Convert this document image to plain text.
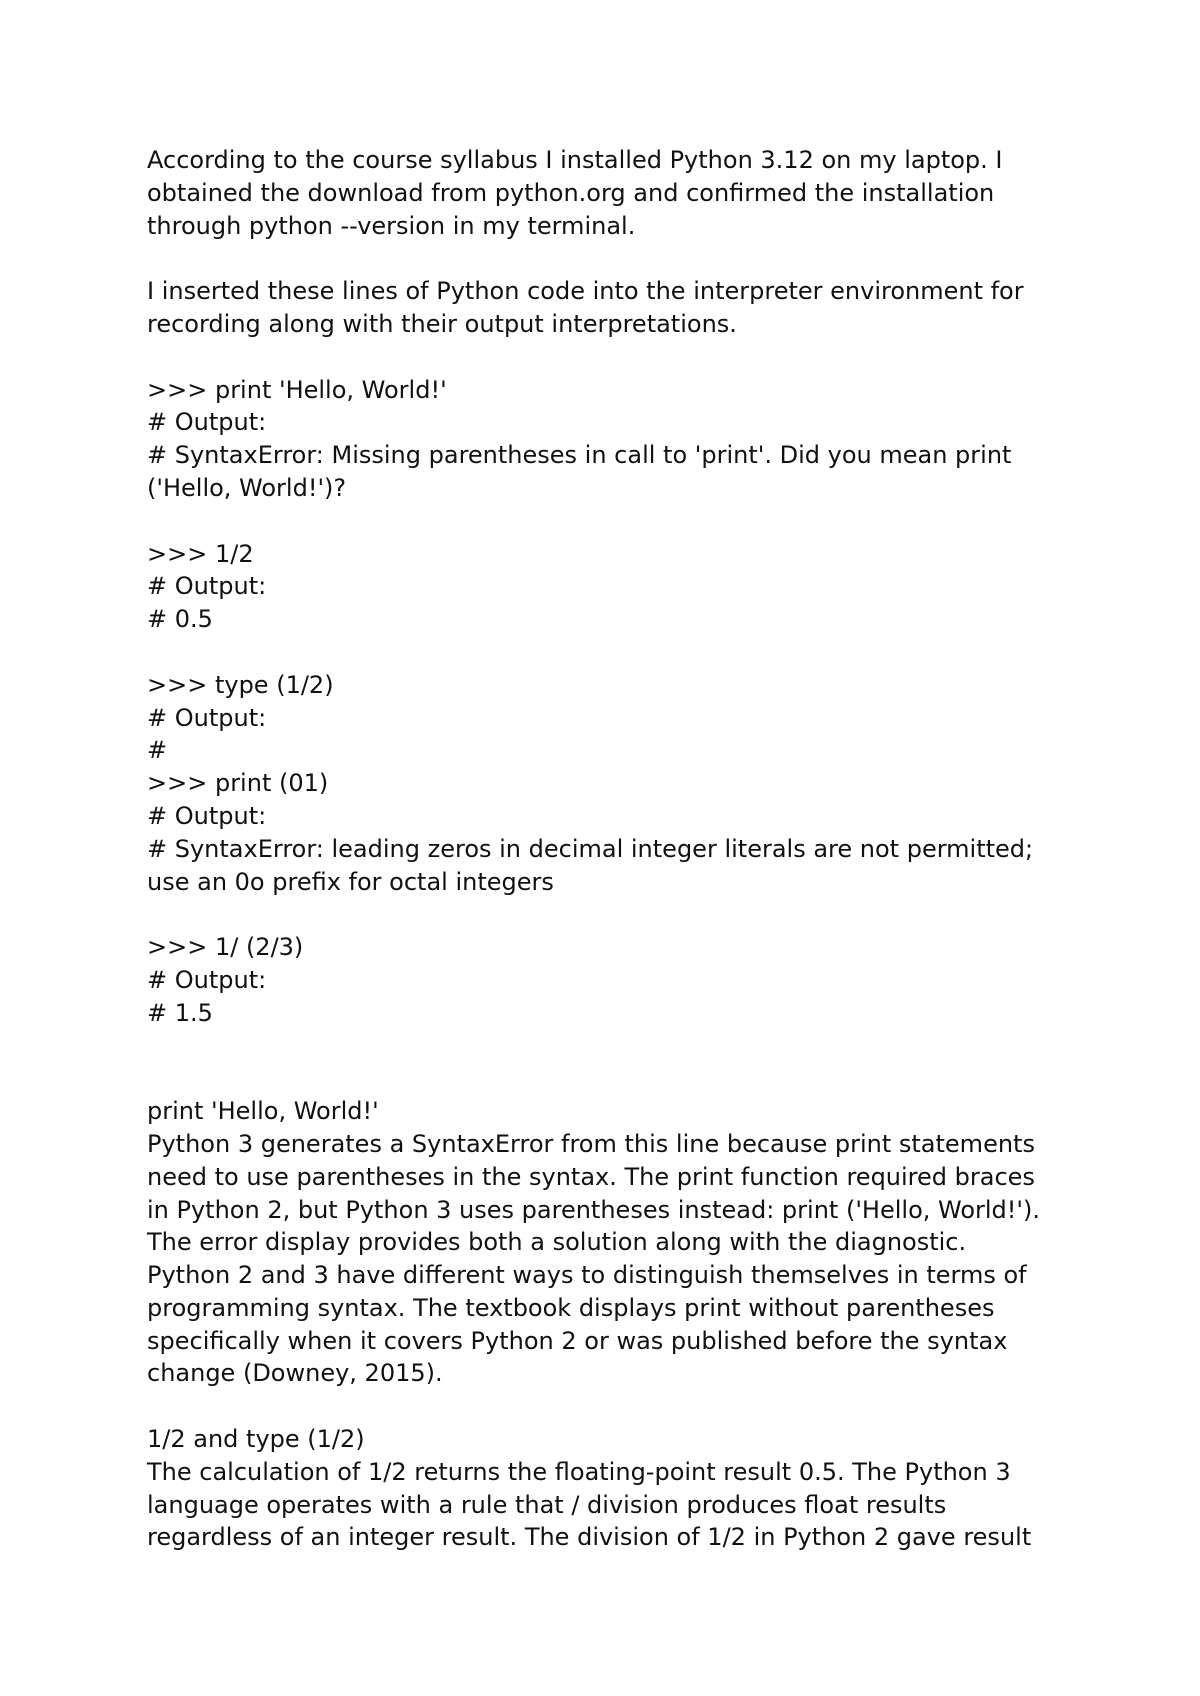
According to the course syllabus I installed Python 3.12 on my laptop. I
obtained the download from python.org and confirmed the installation
through python --version in my terminal.
I inserted these lines of Python code into the interpreter environment for
recording along with their output interpretations.
>>> print 'Hello, World!'
# Output:
# SyntaxError: Missing parentheses in call to 'print'. Did you mean print
('Hello, World!')?
>>> 1/2
# Output:
# 0.5
>>> type (1/2)
# Output:
#
>>> print (01)
# Output:
# SyntaxError: leading zeros in decimal integer literals are not permitted;
use an 0o prefix for octal integers
>>> 1/ (2/3)
# Output:
# 1.5
print 'Hello, World!'
Python 3 generates a SyntaxError from this line because print statements
need to use parentheses in the syntax. The print function required braces
in Python 2, but Python 3 uses parentheses instead: print ('Hello, World!').
The error display provides both a solution along with the diagnostic.
Python 2 and 3 have different ways to distinguish themselves in terms of
programming syntax. The textbook displays print without parentheses
specifically when it covers Python 2 or was published before the syntax
change (Downey, 2015).
1/2 and type (1/2)
The calculation of 1/2 returns the floating-point result 0.5. The Python 3
language operates with a rule that / division produces float results
regardless of an integer result. The division of 1/2 in Python 2 gave result
